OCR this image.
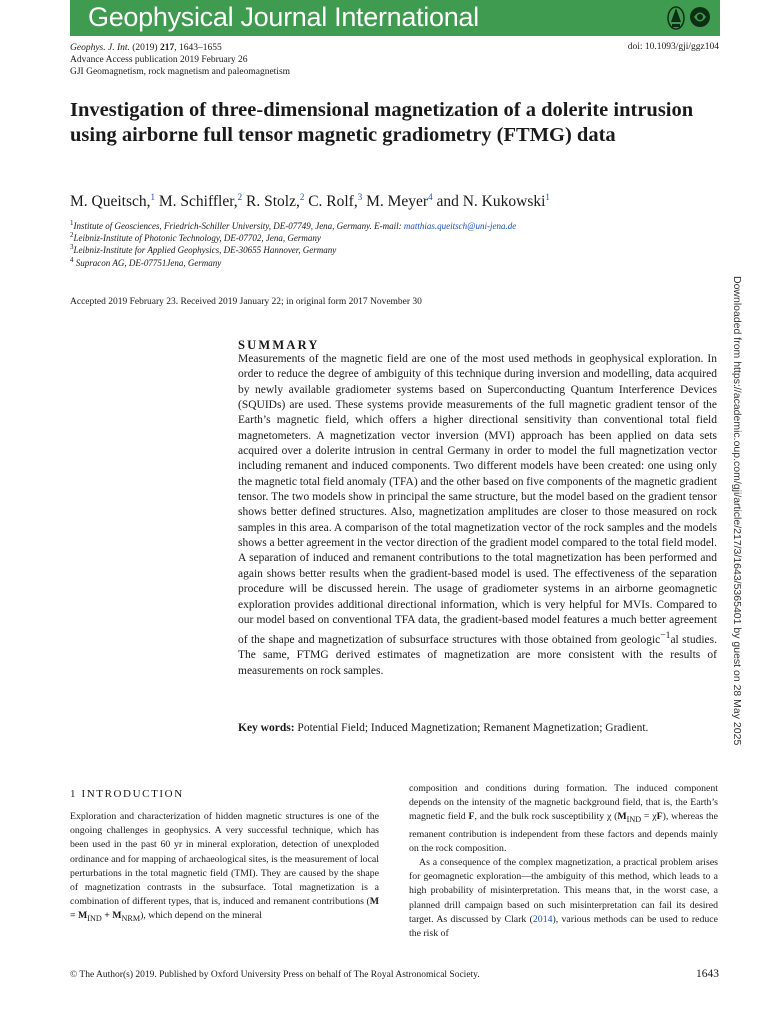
Geophysical Journal International
Geophys. J. Int. (2019) 217, 1643–1655
Advance Access publication 2019 February 26
GJI Geomagnetism, rock magnetism and paleomagnetism
doi: 10.1093/gji/ggz104
Investigation of three-dimensional magnetization of a dolerite intrusion using airborne full tensor magnetic gradiometry (FTMG) data
M. Queitsch,$^1$ M. Schiffler,$^2$ R. Stolz,$^2$ C. Rolf,$^3$ M. Meyer$^4$ and N. Kukowski$^1$
$^1$Institute of Geosciences, Friedrich-Schiller University, DE-07749, Jena, Germany. E-mail: matthias.queitsch@uni-jena.de
$^2$Leibniz-Institute of Photonic Technology, DE-07702, Jena, Germany
$^3$Leibniz-Institute for Applied Geophysics, DE-30655 Hannover, Germany
$^4$ Supracon AG, DE-07751Jena, Germany
Accepted 2019 February 23. Received 2019 January 22; in original form 2017 November 30
SUMMARY
Measurements of the magnetic field are one of the most used methods in geophysical exploration. In order to reduce the degree of ambiguity of this technique during inversion and modelling, data acquired by newly available gradiometer systems based on Superconducting Quantum Interference Devices (SQUIDs) are used. These systems provide measurements of the full magnetic gradient tensor of the Earth’s magnetic field, which offers a higher directional sensitivity than conventional total field magnetometers. A magnetization vector inversion (MVI) approach has been applied on data sets acquired over a dolerite intrusion in central Germany in order to model the full magnetization vector including remanent and induced components. Two different models have been created: one using only the magnetic total field anomaly (TFA) and the other based on five components of the magnetic gradient tensor. The two models show in principal the same structure, but the model based on the gradient tensor shows better defined structures. Also, magnetization amplitudes are closer to those measured on rock samples in this area. A comparison of the total magnetization vector of the rock samples and the models shows a better agreement in the vector direction of the gradient model compared to the total field model. A separation of induced and remanent contributions to the total magnetization has been performed and again shows better results when the gradient-based model is used. The effectiveness of the separation procedure will be discussed herein. The usage of gradiometer systems in an airborne geomagnetic exploration provides additional directional information, which is very helpful for MVIs. Compared to our model based on conventional TFA data, the gradient-based model features a much better agreement of the shape and magnetization of subsurface structures with those obtained from geologic$^{-1}$al studies. The same, FTMG derived estimates of magnetization are more consistent with the results of measurements on rock samples.
Key words: Potential Field; Induced Magnetization; Remanent Magnetization; Gradient.
1 INTRODUCTION

Exploration and characterization of hidden magnetic structures is one of the ongoing challenges in geophysics. A very successful technique, which has been used in the past 60 yr in mineral exploration, detection of unexploded ordinance and for mapping of archaeological sites, is the measurement of local perturbations in the total magnetic field (TMI). They are caused by the shape of magnetization contrasts in the subsurface. Total magnetization is a combination of different types, that is, induced and remanent contributions $(M = M_{IND} + M_{NRM})$, which depend on the mineral

composition and conditions during formation. The induced component depends on the intensity of the magnetic background field, that is, the Earth’s magnetic field F, and the bulk rock susceptibility χ $(M_{IND} = \chi F)$, whereas the remanent contribution is independent from these factors and depends mainly on the rock composition.

As a consequence of the complex magnetization, a practical problem arises for geomagnetic exploration—the ambiguity of this method, which leads to a high probability of misinterpretation. This means that, in the worst case, a planned drill campaign based on such misinterpretation can fail its desired target. As discussed by Clark (2014), various methods can be used to reduce the risk of

© The Author(s) 2019. Published by Oxford University Press on behalf of The Royal Astronomical Society.	1643
Downloaded from https://academic.oup.com/gji/article/217/3/1643/5365401 by guest on 28 May 2025
